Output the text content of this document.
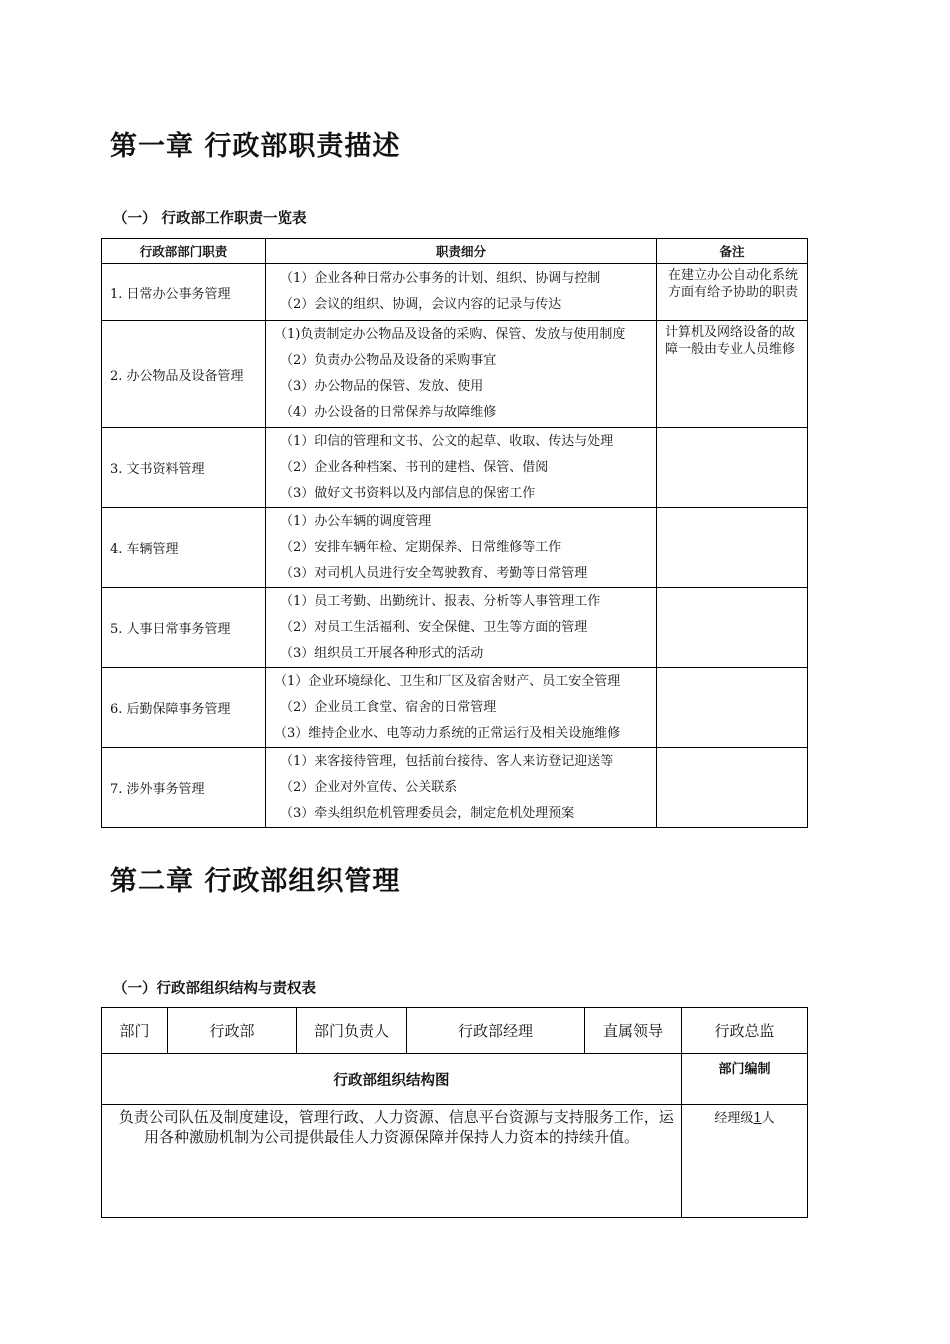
第一章 行政部职责描述
（一） 行政部工作职责一览表
行政部部门职责	职责细分	备注
1. 日常办公事务管理	（1）企业各种日常办公事务的计划、组织、协调与控制
（2）会议的组织、协调，会议内容的记录与传达	在建立办公自动化系统方面有给予协助的职责
2. 办公物品及设备管理	（1)负责制定办公物品及设备的采购、保管、发放与使用制度
（2）负责办公物品及设备的采购事宜
（3）办公物品的保管、发放、使用
（4）办公设备的日常保养与故障维修	计算机及网络设备的故障一般由专业人员维修
3. 文书资料管理	（1）印信的管理和文书、公文的起草、收取、传达与处理
（2）企业各种档案、书刊的建档、保管、借阅
（3）做好文书资料以及内部信息的保密工作	

4. 车辆管理	（1）办公车辆的调度管理
（2）安排车辆年检、定期保养、日常维修等工作
（3）对司机人员进行安全驾驶教育、考勤等日常管理	

5. 人事日常事务管理	（1）员工考勤、出勤统计、报表、分析等人事管理工作
（2）对员工生活福利、安全保健、卫生等方面的管理
（3）组织员工开展各种形式的活动	

6. 后勤保障事务管理	（1）企业环境绿化、卫生和厂区及宿舍财产、员工安全管理
（2）企业员工食堂、宿舍的日常管理
（3）维持企业水、电等动力系统的正常运行及相关设施维修	

7. 涉外事务管理	（1）来客接待管理，包括前台接待、客人来访登记迎送等
（2）企业对外宣传、公关联系
（3）牵头组织危机管理委员会，制定危机处理预案	

第二章 行政部组织管理
（一）行政部组织结构与责权表
部门	行政部	部门负责人	行政部经理	直属领导	行政总监
行政部组织结构图					部门编制
负责公司队伍及制度建设，管理行政、人力资源、信息平台资源与支持服务工作，运用各种激励机制为公司提供最佳人力资源保障并保持人力资本的持续升值。					经理级1人
